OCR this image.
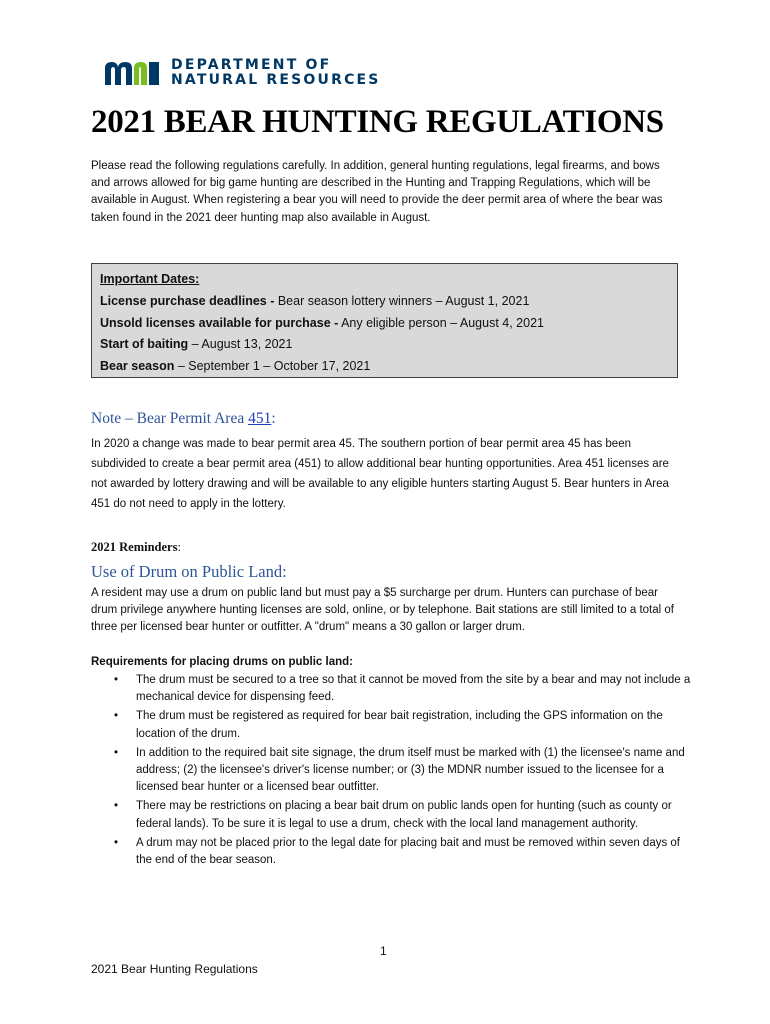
DEPARTMENT OF
NATURAL RESOURCES
2021 BEAR HUNTING REGULATIONS

Please read the following regulations carefully. In addition, general hunting regulations, legal firearms, and bows and arrows allowed for big game hunting are described in the Hunting and Trapping Regulations, which will be available in August. When registering a bear you will need to provide the deer permit area of where the bear was taken found in the 2021 deer hunting map also available in August.

Important Dates:
License purchase deadlines - Bear season lottery winners – August 1, 2021
Unsold licenses available for purchase - Any eligible person – August 4, 2021
Start of baiting – August 13, 2021
Bear season – September 1 – October 17, 2021
Note – Bear Permit Area 451:

In 2020 a change was made to bear permit area 45. The southern portion of bear permit area 45 has been subdivided to create a bear permit area (451) to allow additional bear hunting opportunities. Area 451 licenses are not awarded by lottery drawing and will be available to any eligible hunters starting August 5. Bear hunters in Area 451 do not need to apply in the lottery.

2021 Reminders:

Use of Drum on Public Land:

A resident may use a drum on public land but must pay a $5 surcharge per drum. Hunters can purchase of bear drum privilege anywhere hunting licenses are sold, online, or by telephone. Bait stations are still limited to a total of three per licensed bear hunter or outfitter. A "drum" means a 30 gallon or larger drum.

Requirements for placing drums on public land:

• The drum must be secured to a tree so that it cannot be moved from the site by a bear and may not include a mechanical device for dispensing feed.
• The drum must be registered as required for bear bait registration, including the GPS information on the location of the drum.
• In addition to the required bait site signage, the drum itself must be marked with (1) the licensee's name and address; (2) the licensee's driver's license number; or (3) the MDNR number issued to the licensee for a licensed bear hunter or a licensed bear outfitter.
• There may be restrictions on placing a bear bait drum on public lands open for hunting (such as county or federal lands). To be sure it is legal to use a drum, check with the local land management authority.
• A drum may not be placed prior to the legal date for placing bait and must be removed within seven days of the end of the bear season.
1
2021 Bear Hunting Regulations
